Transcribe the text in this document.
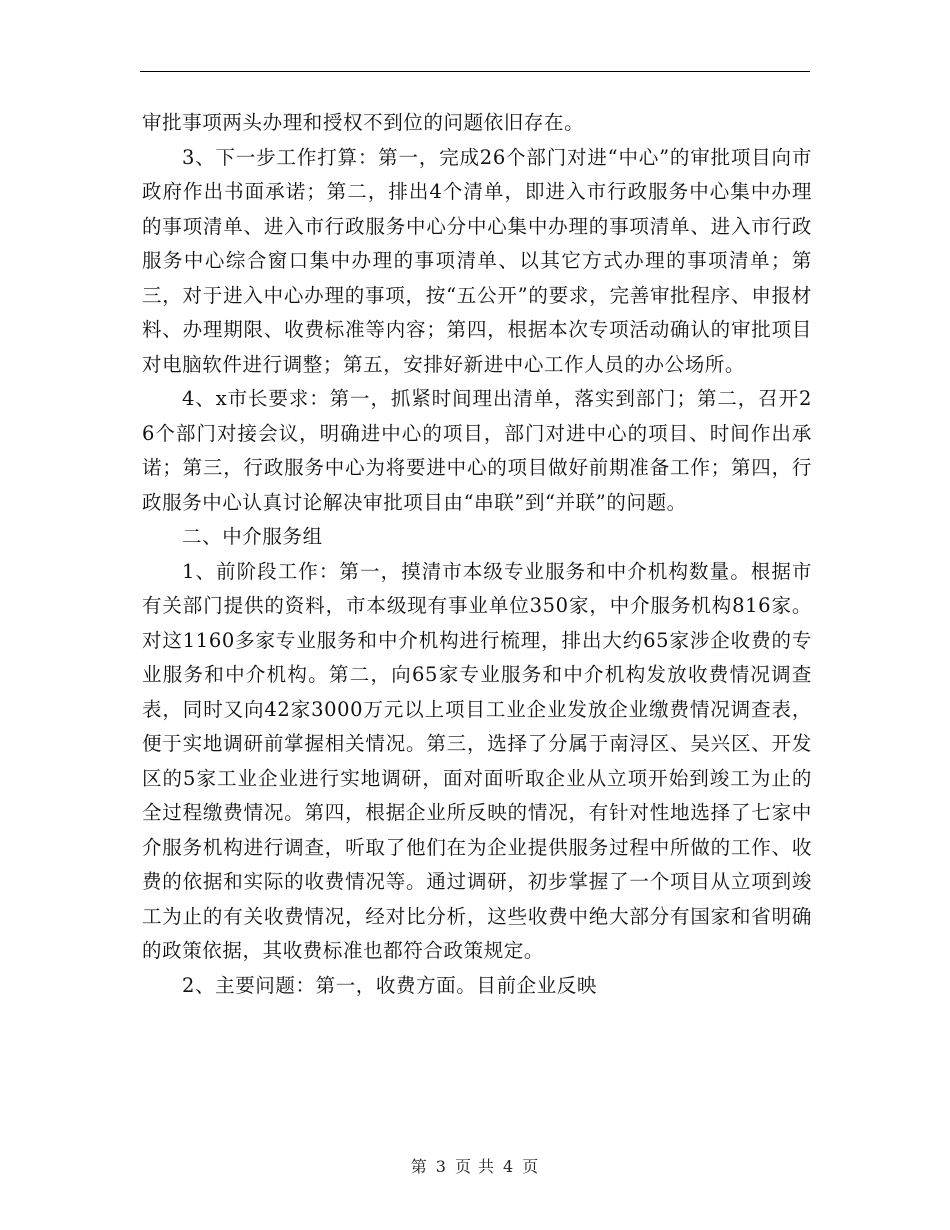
审批事项两头办理和授权不到位的问题依旧存在。

3、下一步工作打算：第一，完成26个部门对进“中心”的审批项目向市政府作出书面承诺；第二，排出4个清单，即进入市行政服务中心集中办理的事项清单、进入市行政服务中心分中心集中办理的事项清单、进入市行政服务中心综合窗口集中办理的事项清单、以其它方式办理的事项清单；第三，对于进入中心办理的事项，按“五公开”的要求，完善审批程序、申报材料、办理期限、收费标准等内容；第四，根据本次专项活动确认的审批项目对电脑软件进行调整；第五，安排好新进中心工作人员的办公场所。

4、x市长要求：第一，抓紧时间理出清单，落实到部门；第二，召开26个部门对接会议，明确进中心的项目，部门对进中心的项目、时间作出承诺；第三，行政服务中心为将要进中心的项目做好前期准备工作；第四，行政服务中心认真讨论解决审批项目由“串联”到“并联”的问题。

二、中介服务组

1、前阶段工作：第一，摸清市本级专业服务和中介机构数量。根据市有关部门提供的资料，市本级现有事业单位350家，中介服务机构816家。对这1160多家专业服务和中介机构进行梳理，排出大约65家涉企收费的专业服务和中介机构。第二，向65家专业服务和中介机构发放收费情况调查表，同时又向42家3000万元以上项目工业企业发放企业缴费情况调查表，便于实地调研前掌握相关情况。第三，选择了分属于南浔区、吴兴区、开发区的5家工业企业进行实地调研，面对面听取企业从立项开始到竣工为止的全过程缴费情况。第四，根据企业所反映的情况，有针对性地选择了七家中介服务机构进行调查，听取了他们在为企业提供服务过程中所做的工作、收费的依据和实际的收费情况等。通过调研，初步掌握了一个项目从立项到竣工为止的有关收费情况，经对比分析，这些收费中绝大部分有国家和省明确的政策依据，其收费标准也都符合政策规定。

2、主要问题：第一，收费方面。目前企业反映

第 3 页 共 4 页
